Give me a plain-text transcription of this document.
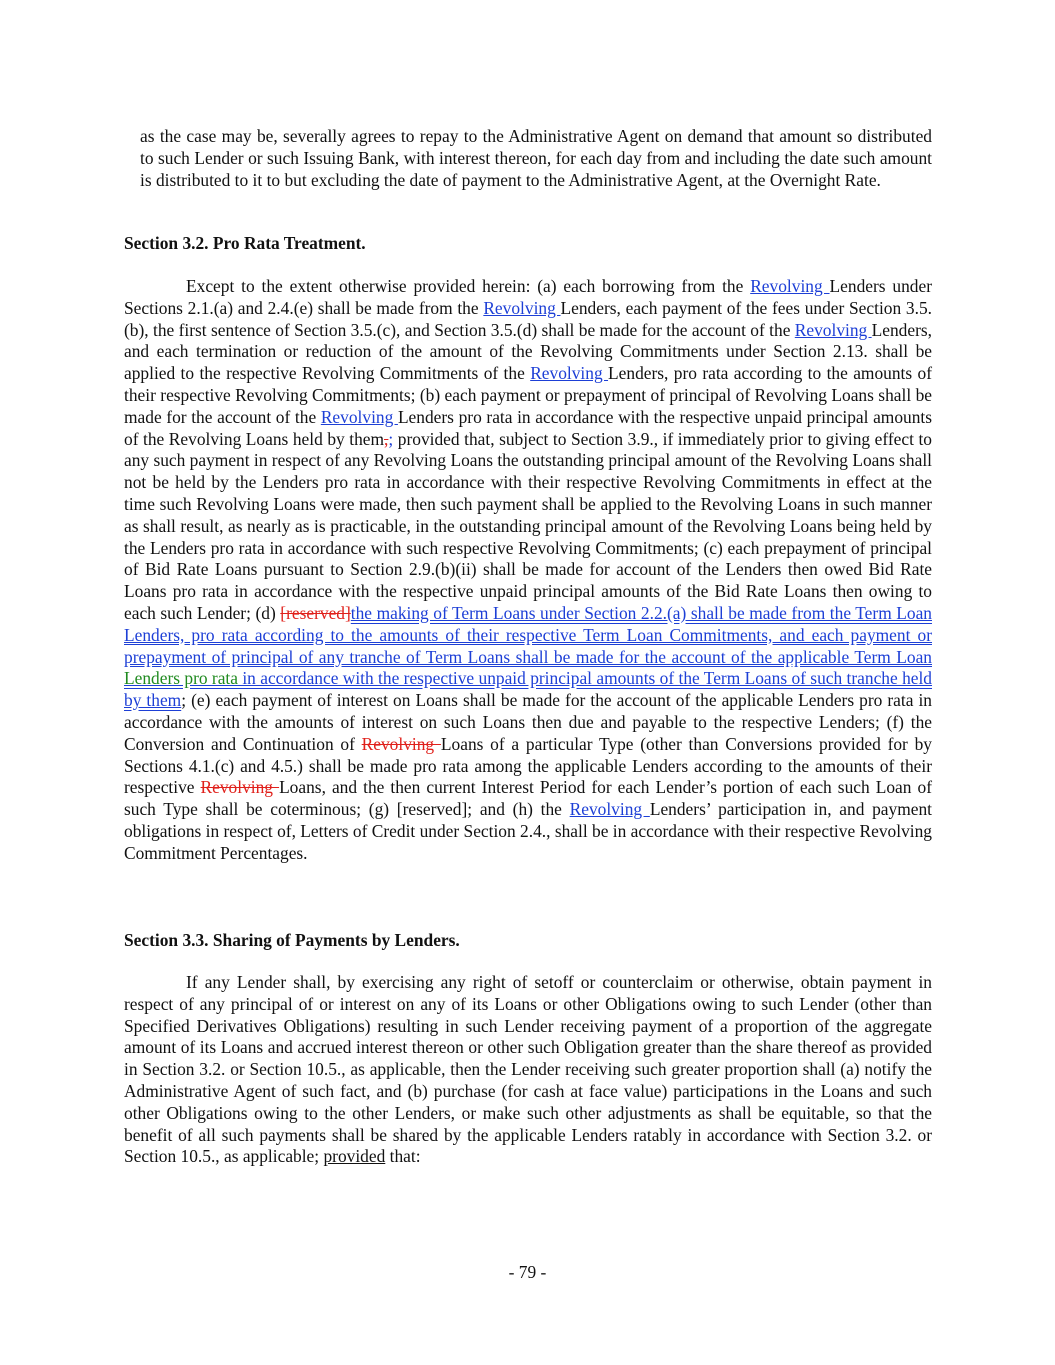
as the case may be, severally agrees to repay to the Administrative Agent on demand that amount so distributed to such Lender or such Issuing Bank, with interest thereon, for each day from and including the date such amount is distributed to it to but excluding the date of payment to the Administrative Agent, at the Overnight Rate.

Section 3.2. Pro Rata Treatment.

Except to the extent otherwise provided herein: (a) each borrowing from the Revolving Lenders under Sections 2.1.(a) and 2.4.(e) shall be made from the Revolving Lenders, each payment of the fees under Section 3.5.(b), the first sentence of Section 3.5.(c), and Section 3.5.(d) shall be made for the account of the Revolving Lenders, and each termination or reduction of the amount of the Revolving Commitments under Section 2.13. shall be applied to the respective Revolving Commitments of the Revolving Lenders, pro rata according to the amounts of their respective Revolving Commitments; (b) each payment or prepayment of principal of Revolving Loans shall be made for the account of the Revolving Lenders pro rata in accordance with the respective unpaid principal amounts of the Revolving Loans held by them,; provided that, subject to Section 3.9., if immediately prior to giving effect to any such payment in respect of any Revolving Loans the outstanding principal amount of the Revolving Loans shall not be held by the Lenders pro rata in accordance with their respective Revolving Commitments in effect at the time such Revolving Loans were made, then such payment shall be applied to the Revolving Loans in such manner as shall result, as nearly as is practicable, in the outstanding principal amount of the Revolving Loans being held by the Lenders pro rata in accordance with such respective Revolving Commitments; (c) each prepayment of principal of Bid Rate Loans pursuant to Section 2.9.(b)(ii) shall be made for account of the Lenders then owed Bid Rate Loans pro rata in accordance with the respective unpaid principal amounts of the Bid Rate Loans then owing to each such Lender; (d) [reserved]the making of Term Loans under Section 2.2.(a) shall be made from the Term Loan Lenders, pro rata according to the amounts of their respective Term Loan Commitments, and each payment or prepayment of principal of any tranche of Term Loans shall be made for the account of the applicable Term Loan Lenders pro rata in accordance with the respective unpaid principal amounts of the Term Loans of such tranche held by them; (e) each payment of interest on Loans shall be made for the account of the applicable Lenders pro rata in accordance with the amounts of interest on such Loans then due and payable to the respective Lenders; (f) the Conversion and Continuation of Revolving Loans of a particular Type (other than Conversions provided for by Sections 4.1.(c) and 4.5.) shall be made pro rata among the applicable Lenders according to the amounts of their respective Revolving Loans, and the then current Interest Period for each Lender’s portion of each such Loan of such Type shall be coterminous; (g) [reserved]; and (h) the Revolving Lenders’ participation in, and payment obligations in respect of, Letters of Credit under Section 2.4., shall be in accordance with their respective Revolving Commitment Percentages.

Section 3.3. Sharing of Payments by Lenders.

If any Lender shall, by exercising any right of setoff or counterclaim or otherwise, obtain payment in respect of any principal of or interest on any of its Loans or other Obligations owing to such Lender (other than Specified Derivatives Obligations) resulting in such Lender receiving payment of a proportion of the aggregate amount of its Loans and accrued interest thereon or other such Obligation greater than the share thereof as provided in Section 3.2. or Section 10.5., as applicable, then the Lender receiving such greater proportion shall (a) notify the Administrative Agent of such fact, and (b) purchase (for cash at face value) participations in the Loans and such other Obligations owing to the other Lenders, or make such other adjustments as shall be equitable, so that the benefit of all such payments shall be shared by the applicable Lenders ratably in accordance with Section 3.2. or Section 10.5., as applicable; provided that:

- 79 -
